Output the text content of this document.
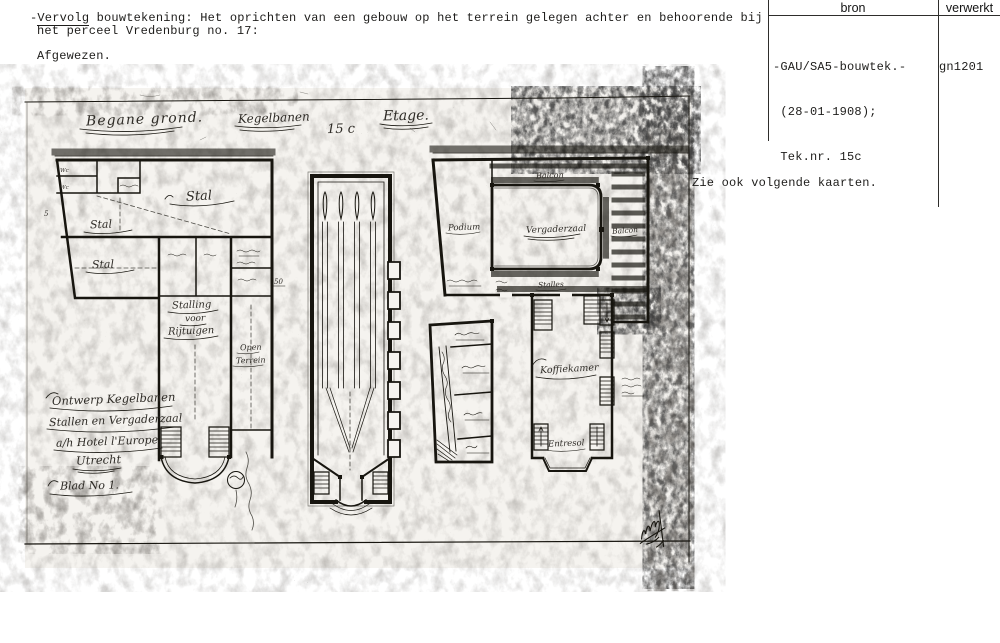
Begane grond.	Kegelbanen
15 c
Etage.
Stal
Stal
Stal
Wc
Wc
Stalling
voor
Rijtuigen
Open
Terrein
5
50
Podium
Balcon
Balcon
Vergaderzaal
Stalles
Koffiekamer
Entresol
Ontwerp Kegelbanen
Stallen en Vergaderzaal
a/h Hotel l'Europe
Utrecht
Blad No 1.
-Vervolg bouwtekening: Het oprichten van een gebouw op het terrein gelegen achter en behoorende bij
het perceel Vredenburg no. 17:
Afgewezen.
bron	verwerkt

-GAU/SA5-bouwtek.-

(28-01-1908);

Tek.nr. 15c

gn1201
Zie ook volgende kaarten.
